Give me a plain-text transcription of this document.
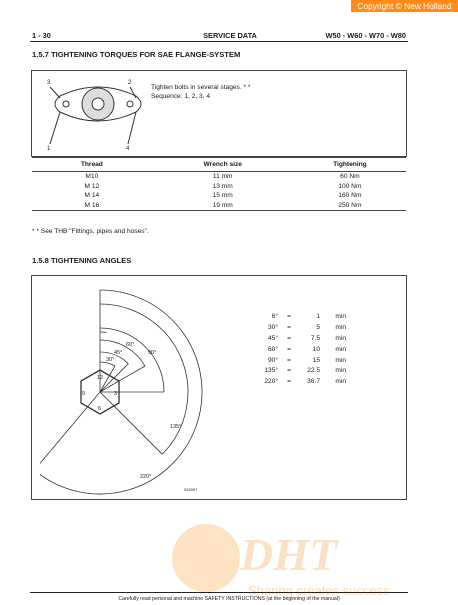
Copyright © New Holland
1 - 30	SERVICE DATA	W50 - W60 - W70 - W80
1.5.7 TIGHTENING TORQUES FOR SAE FLANGE-SYSTEM
3	2
1	4
Tighten bolts in several stages. * *
Sequence: 1, 2, 3, 4
Thread	Wrench size	Tightening
M10	11 mm	60 Nm
M 12	13 mm	100 Nm
M 14	15 mm	160 Nm
M 16	19 mm	250 Nm
* * See THB "Fittings, pipes and hoses".
1.5.8 TIGHTENING ANGLES
30°
45°
60°
90°
135°
220°
12
3
6
9
033397
6°	=	1	min
30°	=	5	min
45°	=	7.5	min
60°	=	10	min
90°	=	15	min
135°	=	22.5	min
220°	=	36.7	min
DHT
Sharing creates success
Carefully read personal and machine SAFETY INSTRUCTIONS (at the beginning of the manual)
